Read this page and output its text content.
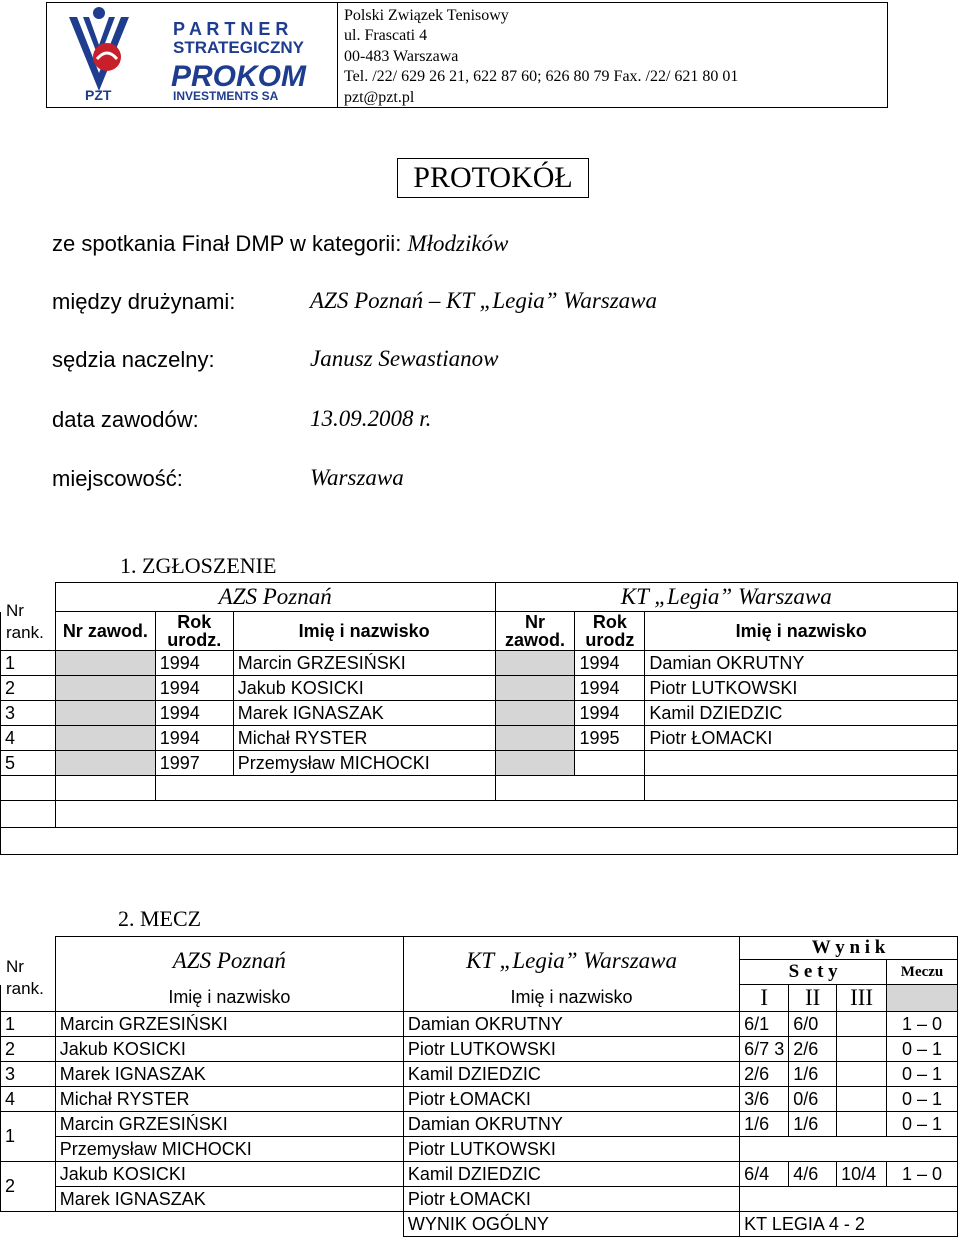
PZT
P A R T N E R
STRATEGICZNY
PROKOM
INVESTMENTS SA
Polski Związek Tenisowy
ul. Frascati 4
00-483 Warszawa
Tel. /22/ 629 26 21, 622 87 60; 626 80 79 Fax. /22/ 621 80 01
pzt@pzt.pl
PROTOKÓŁ
ze spotkania Finał DMP w kategorii: Młodzików
między drużynami:	AZS Poznań – KT „Legia” Warszawa
sędzia naczelny:	Janusz Sewastianow
data zawodów:	13.09.2008 r.
miejscowość:	Warszawa
1. ZGŁOSZENIE
Nr rank.
	AZS Poznań			KT „Legia” Warszawa		
	Nr zawod.	Rok urodz.	Imię i nazwisko	Nr zawod.	Rok urodz	Imię i nazwisko
1		1994	Marcin GRZESIŃSKI		1994	Damian OKRUTNY
2		1994	Jakub KOSICKI		1994	Piotr LUTKOWSKI
3		1994	Marek IGNASZAK		1994	Kamil DZIEDZIC
4		1994	Michał RYSTER		1995	Piotr ŁOMACKI
5		1997	Przemysław MICHOCKI			

2. MECZ
Nr rank.
	AZS Poznań	KT „Legia” Warszawa	W y n i k			
			S e t y			Meczu
	Imię i nazwisko	Imię i nazwisko	I	II	III	
1	Marcin GRZESIŃSKI	Damian OKRUTNY	6/1	6/0		1 – 0
2	Jakub KOSICKI	Piotr LUTKOWSKI	6/7 3	2/6		0 – 1
3	Marek IGNASZAK	Kamil DZIEDZIC	2/6	1/6		0 – 1
4	Michał RYSTER	Piotr ŁOMACKI	3/6	0/6		0 – 1
1	Marcin GRZESIŃSKI	Damian OKRUTNY	1/6	1/6		0 – 1
	Przemysław MICHOCKI	Piotr LUTKOWSKI				
2	Jakub KOSICKI	Kamil DZIEDZIC	6/4	4/6	10/4	1 – 0
	Marek IGNASZAK	Piotr ŁOMACKI				
		WYNIK OGÓLNY	KT LEGIA 4 - 2			
